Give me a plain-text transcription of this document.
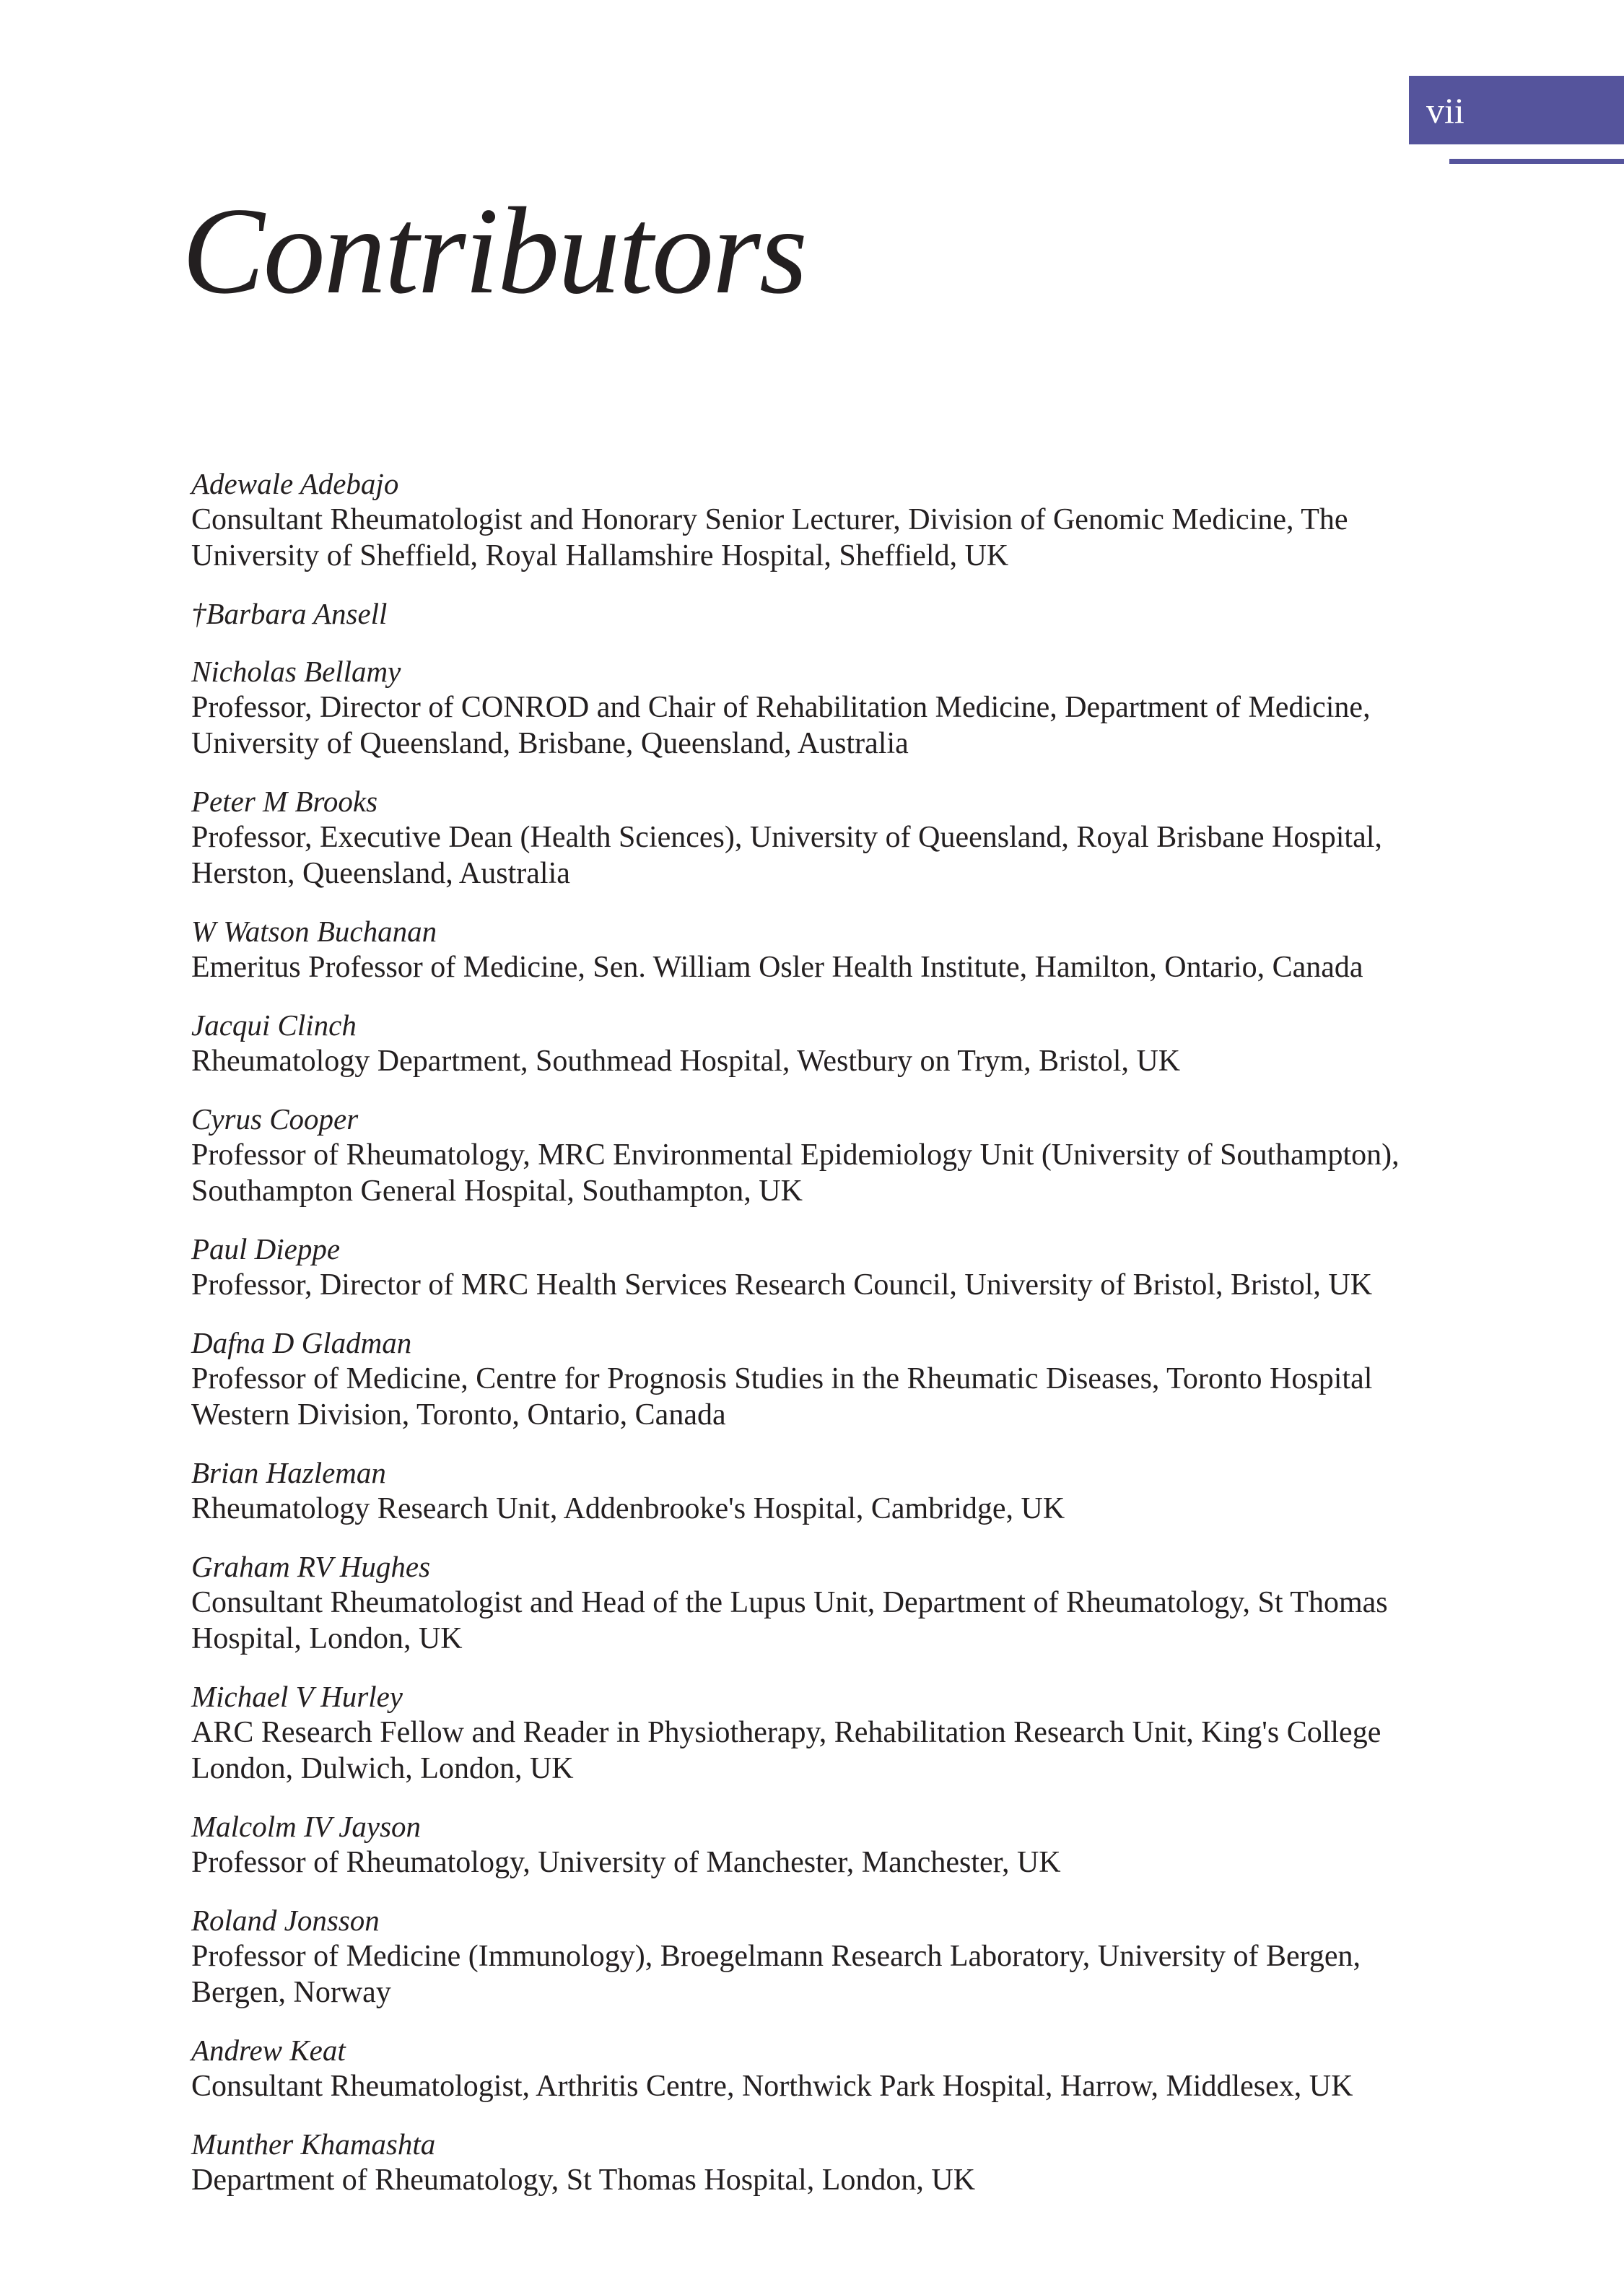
vii
Contributors
Adewale Adebajo
Consultant Rheumatologist and Honorary Senior Lecturer, Division of Genomic Medicine, The University of Sheffield, Royal Hallamshire Hospital, Sheffield, UK
†Barbara Ansell
Nicholas Bellamy
Professor, Director of CONROD and Chair of Rehabilitation Medicine, Department of Medicine, University of Queensland, Brisbane, Queensland, Australia
Peter M Brooks
Professor, Executive Dean (Health Sciences), University of Queensland, Royal Brisbane Hospital, Herston, Queensland, Australia
W Watson Buchanan
Emeritus Professor of Medicine, Sen. William Osler Health Institute, Hamilton, Ontario, Canada
Jacqui Clinch
Rheumatology Department, Southmead Hospital, Westbury on Trym, Bristol, UK
Cyrus Cooper
Professor of Rheumatology, MRC Environmental Epidemiology Unit (University of Southampton), Southampton General Hospital, Southampton, UK
Paul Dieppe
Professor, Director of MRC Health Services Research Council, University of Bristol, Bristol, UK
Dafna D Gladman
Professor of Medicine, Centre for Prognosis Studies in the Rheumatic Diseases, Toronto Hospital Western Division, Toronto, Ontario, Canada
Brian Hazleman
Rheumatology Research Unit, Addenbrooke's Hospital, Cambridge, UK
Graham RV Hughes
Consultant Rheumatologist and Head of the Lupus Unit, Department of Rheumatology, St Thomas Hospital, London, UK
Michael V Hurley
ARC Research Fellow and Reader in Physiotherapy, Rehabilitation Research Unit, King's College London, Dulwich, London, UK
Malcolm IV Jayson
Professor of Rheumatology, University of Manchester, Manchester, UK
Roland Jonsson
Professor of Medicine (Immunology), Broegelmann Research Laboratory, University of Bergen, Bergen, Norway
Andrew Keat
Consultant Rheumatologist, Arthritis Centre, Northwick Park Hospital, Harrow, Middlesex, UK
Munther Khamashta
Department of Rheumatology, St Thomas Hospital, London, UK
